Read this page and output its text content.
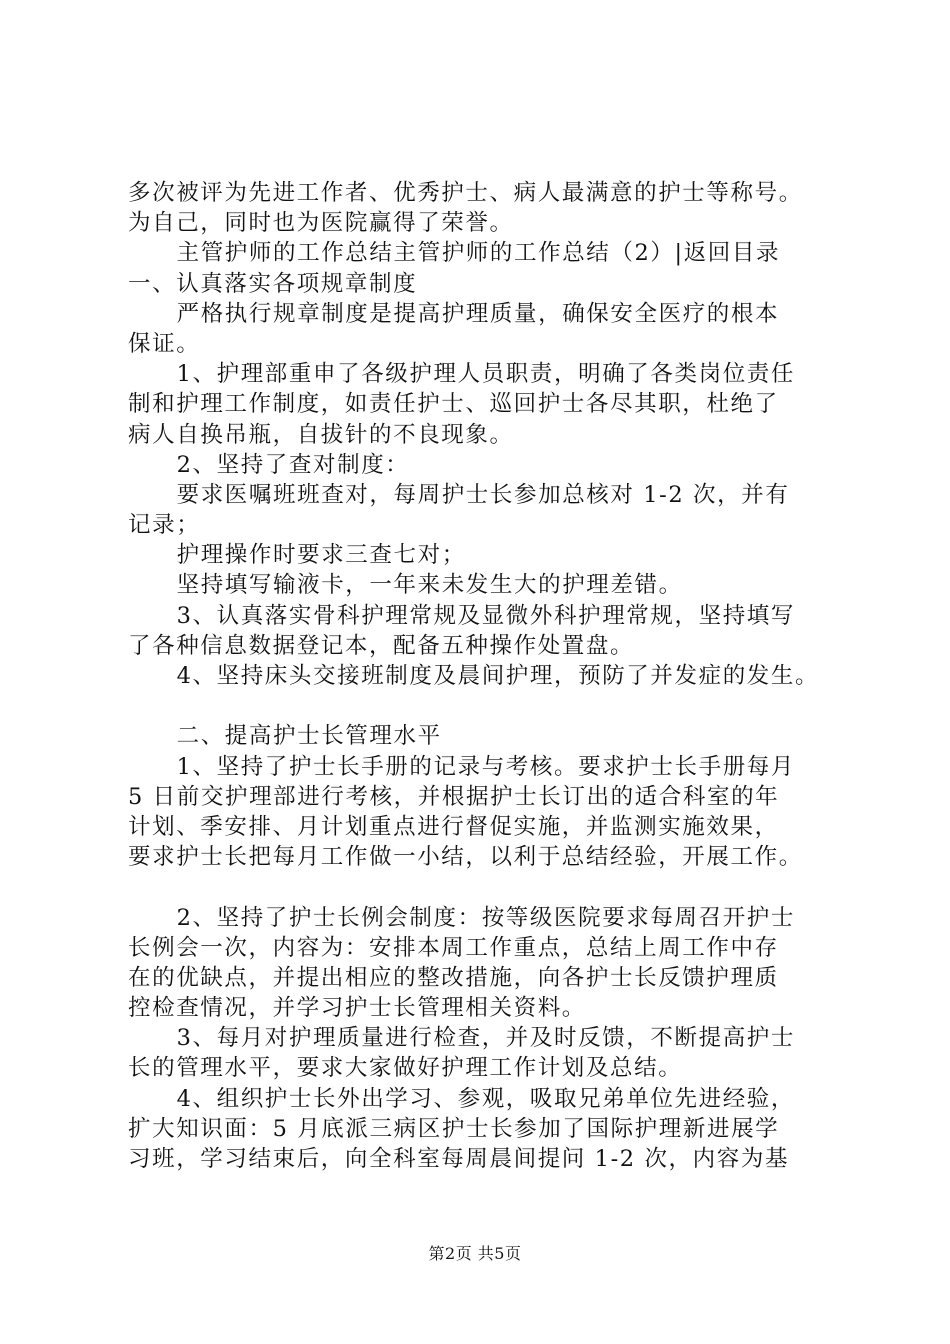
多次被评为先进工作者、优秀护士、病人最满意的护士等称号。
为自己，同时也为医院赢得了荣誉。
主管护师的工作总结主管护师的工作总结（2）|返回目录
一、认真落实各项规章制度
严格执行规章制度是提高护理质量，确保安全医疗的根本
保证。
1、护理部重申了各级护理人员职责，明确了各类岗位责任
制和护理工作制度，如责任护士、巡回护士各尽其职，杜绝了
病人自换吊瓶，自拔针的不良现象。
2、坚持了查对制度：
要求医嘱班班查对，每周护士长参加总核对 1-2 次，并有
记录；
护理操作时要求三查七对；
坚持填写输液卡，一年来未发生大的护理差错。
3、认真落实骨科护理常规及显微外科护理常规，坚持填写
了各种信息数据登记本，配备五种操作处置盘。
4、坚持床头交接班制度及晨间护理，预防了并发症的发生。
二、提高护士长管理水平
1、坚持了护士长手册的记录与考核。要求护士长手册每月
5 日前交护理部进行考核，并根据护士长订出的适合科室的年
计划、季安排、月计划重点进行督促实施，并监测实施效果，
要求护士长把每月工作做一小结，以利于总结经验，开展工作。
2、坚持了护士长例会制度：按等级医院要求每周召开护士
长例会一次，内容为：安排本周工作重点，总结上周工作中存
在的优缺点，并提出相应的整改措施，向各护士长反馈护理质
控检查情况，并学习护士长管理相关资料。
3、每月对护理质量进行检查，并及时反馈，不断提高护士
长的管理水平，要求大家做好护理工作计划及总结。
4、组织护士长外出学习、参观，吸取兄弟单位先进经验，
扩大知识面：5 月底派三病区护士长参加了国际护理新进展学
习班，学习结束后，向全科室每周晨间提问 1-2 次，内容为基
第2页 共5页
